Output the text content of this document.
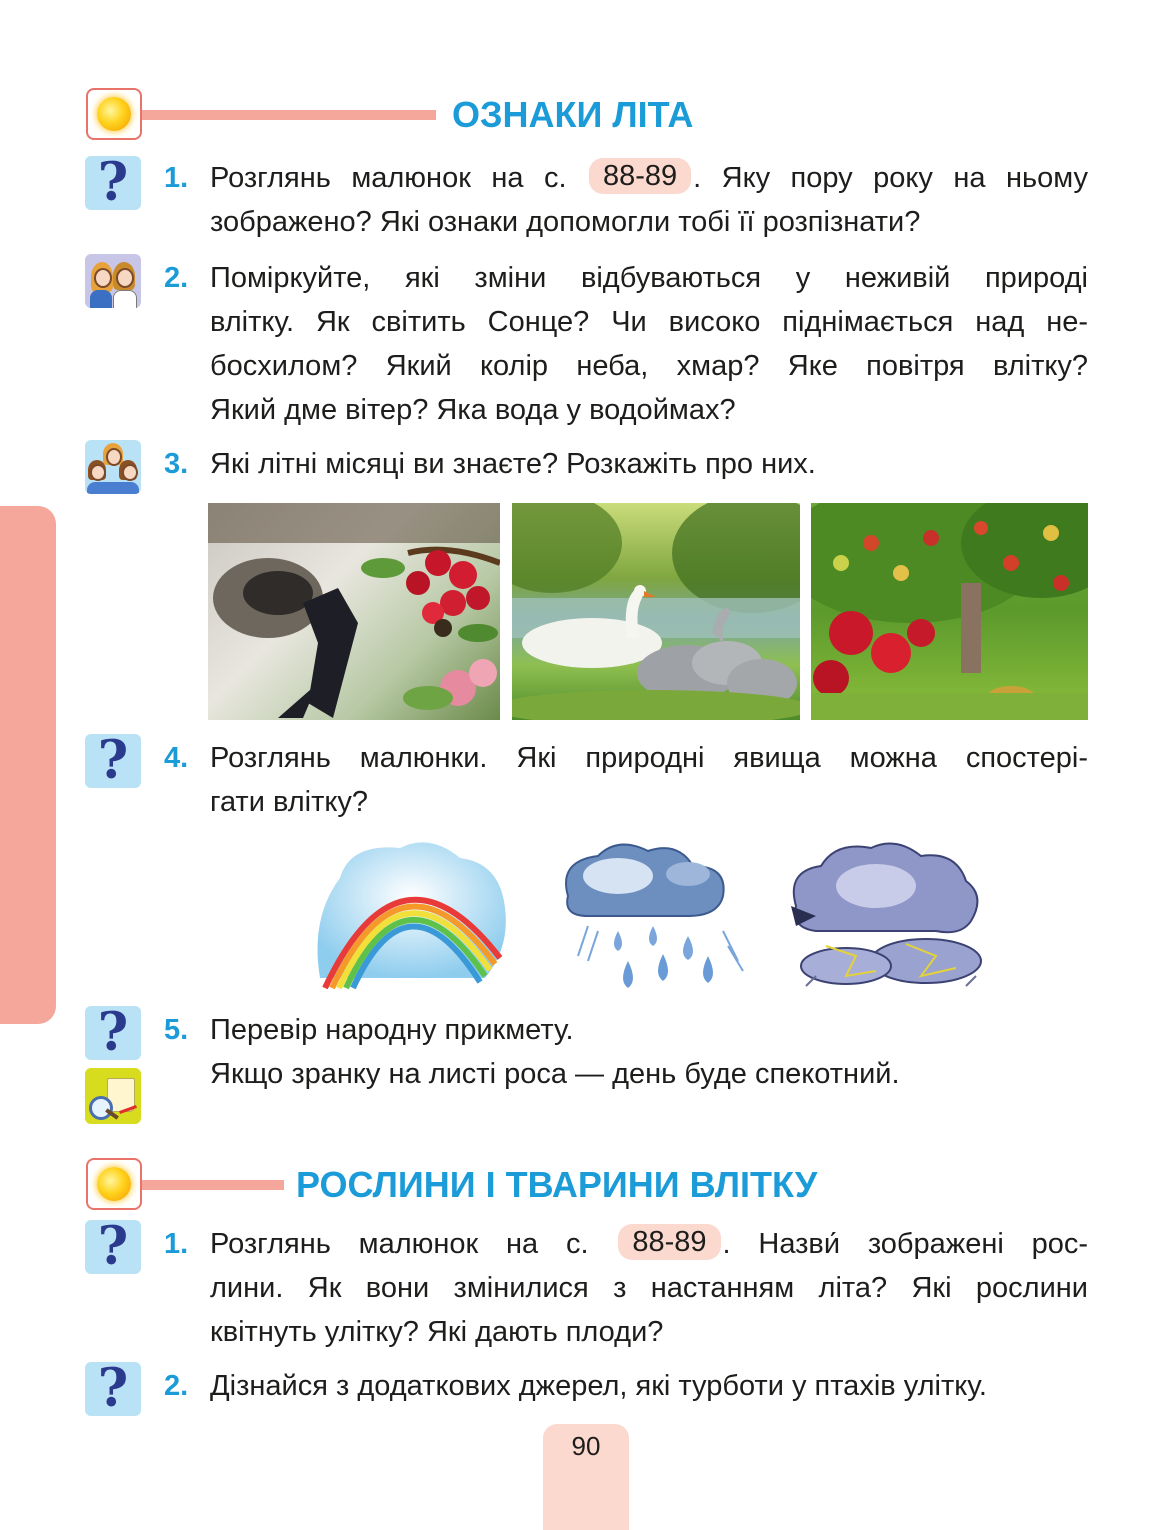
ОЗНАКИ ЛІТА
?	1. Розглянь малюнок на с. 88-89 . Яку пору року на ньому
зображено? Які ознаки допомогли тобі її розпізнати?
2. Поміркуйте, які зміни відбуваються у неживій природі
влітку. Як світить Сонце? Чи високо піднімається над не-
босхилом? Який колір неба, хмар? Яке повітря влітку?
Який дме вітер? Яка вода у водоймах?
3. Які літні місяці ви знаєте? Розкажіть про них.
?	4. Розглянь малюнки. Які природні явища можна спостері-
гати влітку?
?	5. Перевір народну прикмету.
Якщо зранку на листі роса — день буде спекотний.
РОСЛИНИ І ТВАРИНИ ВЛІТКУ
?	1. Розглянь малюнок на с. 88-89 . Назви́ зображені рос-
лини. Як вони змінилися з настанням літа? Які рослини
квітнуть улітку? Які дають плоди?
?	2. Дізнайся з додаткових джерел, які турботи у птахів улітку.
90
